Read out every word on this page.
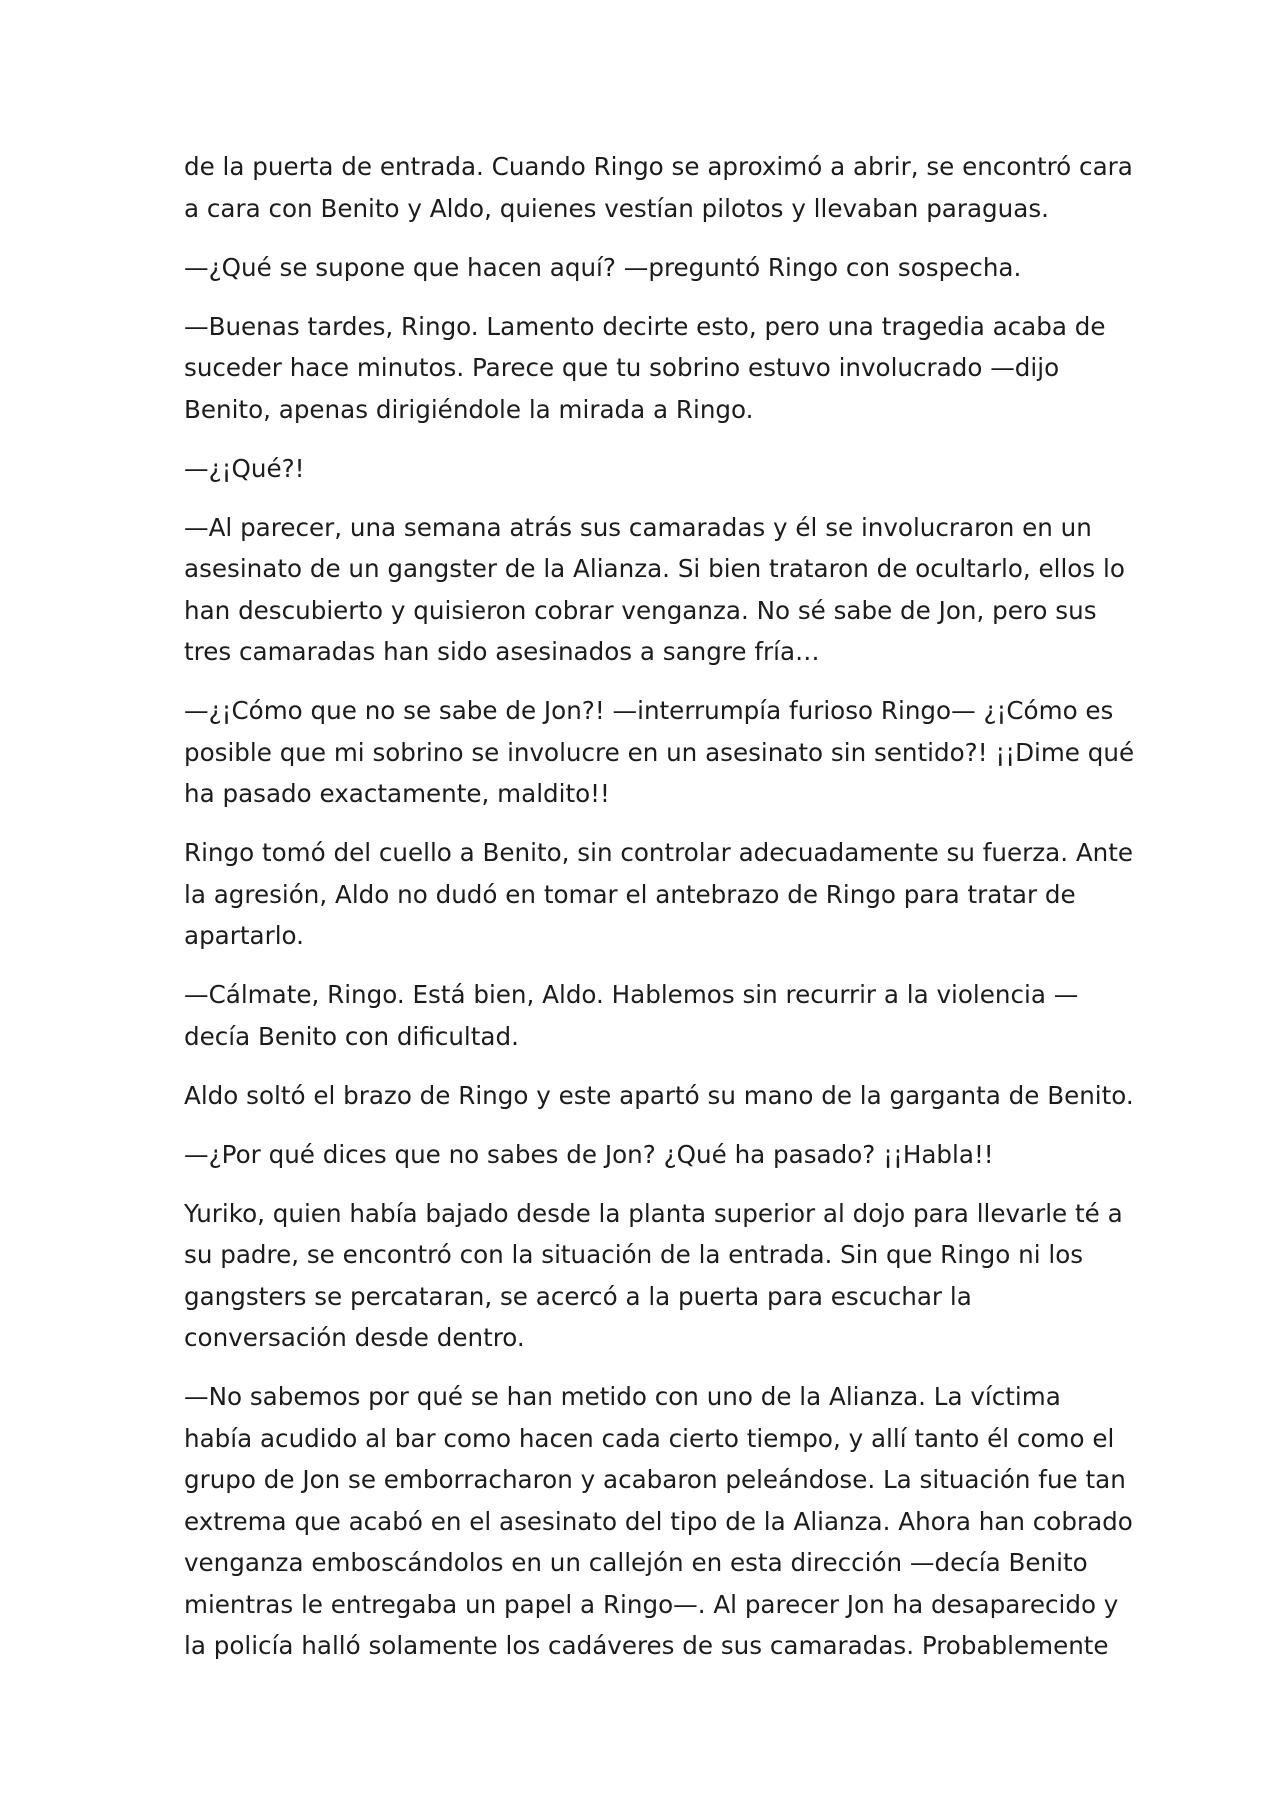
de la puerta de entrada. Cuando Ringo se aproximó a abrir, se encontró cara
a cara con Benito y Aldo, quienes vestían pilotos y llevaban paraguas.

—¿Qué se supone que hacen aquí? —preguntó Ringo con sospecha.

—Buenas tardes, Ringo. Lamento decirte esto, pero una tragedia acaba de
suceder hace minutos. Parece que tu sobrino estuvo involucrado —dijo
Benito, apenas dirigiéndole la mirada a Ringo.

—¿¡Qué?!

—Al parecer, una semana atrás sus camaradas y él se involucraron en un
asesinato de un gangster de la Alianza. Si bien trataron de ocultarlo, ellos lo
han descubierto y quisieron cobrar venganza. No sé sabe de Jon, pero sus
tres camaradas han sido asesinados a sangre fría…

—¿¡Cómo que no se sabe de Jon?! —interrumpía furioso Ringo— ¿¡Cómo es
posible que mi sobrino se involucre en un asesinato sin sentido?! ¡¡Dime qué
ha pasado exactamente, maldito!!

Ringo tomó del cuello a Benito, sin controlar adecuadamente su fuerza. Ante
la agresión, Aldo no dudó en tomar el antebrazo de Ringo para tratar de
apartarlo.

—Cálmate, Ringo. Está bien, Aldo. Hablemos sin recurrir a la violencia —
decía Benito con dificultad.

Aldo soltó el brazo de Ringo y este apartó su mano de la garganta de Benito.

—¿Por qué dices que no sabes de Jon? ¿Qué ha pasado? ¡¡Habla!!

Yuriko, quien había bajado desde la planta superior al dojo para llevarle té a
su padre, se encontró con la situación de la entrada. Sin que Ringo ni los
gangsters se percataran, se acercó a la puerta para escuchar la
conversación desde dentro.

—No sabemos por qué se han metido con uno de la Alianza. La víctima
había acudido al bar como hacen cada cierto tiempo, y allí tanto él como el
grupo de Jon se emborracharon y acabaron peleándose. La situación fue tan
extrema que acabó en el asesinato del tipo de la Alianza. Ahora han cobrado
venganza emboscándolos en un callejón en esta dirección —decía Benito
mientras le entregaba un papel a Ringo—. Al parecer Jon ha desaparecido y
la policía halló solamente los cadáveres de sus camaradas. Probablemente
